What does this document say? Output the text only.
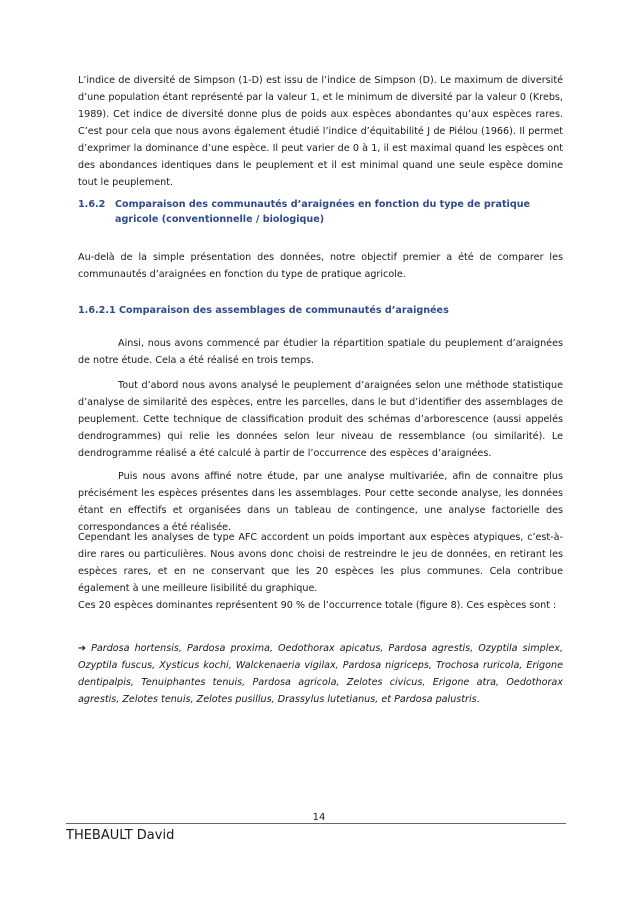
L’indice de diversité de Simpson (1-D) est issu de l’indice de Simpson (D). Le maximum de diversité d’une population étant représenté par la valeur 1, et le minimum de diversité par la valeur 0 (Krebs, 1989). Cet indice de diversité donne plus de poids aux espèces abondantes qu’aux espèces rares. C’est pour cela que nous avons également étudié l’indice d’équitabilité J de Piélou (1966). Il permet d’exprimer la dominance d’une espèce. Il peut varier de 0 à 1, il est maximal quand les espèces ont des abondances identiques dans le peuplement et il est minimal quand une seule espèce domine tout le peuplement.

1.6.2 Comparaison des communautés d’araignées en fonction du type de pratique agricole (conventionnelle / biologique)

Au-delà de la simple présentation des données, notre objectif premier a été de comparer les communautés d’araignées en fonction du type de pratique agricole.

1.6.2.1 Comparaison des assemblages de communautés d’araignées

Ainsi, nous avons commencé par étudier la répartition spatiale du peuplement d’araignées de notre étude. Cela a été réalisé en trois temps.

Tout d’abord nous avons analysé le peuplement d’araignées selon une méthode statistique d’analyse de similarité des espèces, entre les parcelles, dans le but d’identifier des assemblages de peuplement. Cette technique de classification produit des schémas d’arborescence (aussi appelés dendrogrammes) qui relie les données selon leur niveau de ressemblance (ou similarité). Le dendrogramme réalisé a été calculé à partir de l’occurrence des espèces d’araignées.

Puis nous avons affiné notre étude, par une analyse multivariée, afin de connaitre plus précisément les espèces présentes dans les assemblages. Pour cette seconde analyse, les données étant en effectifs et organisées dans un tableau de contingence, une analyse factorielle des correspondances a été réalisée.

Cependant les analyses de type AFC accordent un poids important aux espèces atypiques, c’est-à-dire rares ou particulières. Nous avons donc choisi de restreindre le jeu de données, en retirant les espèces rares, et en ne conservant que les 20 espèces les plus communes. Cela contribue également à une meilleure lisibilité du graphique.

Ces 20 espèces dominantes représentent 90 % de l’occurrence totale (figure 8). Ces espèces sont :

➔ Pardosa hortensis, Pardosa proxima, Oedothorax apicatus, Pardosa agrestis, Ozyptila simplex, Ozyptila fuscus, Xysticus kochi, Walckenaeria vigilax, Pardosa nigriceps, Trochosa ruricola, Erigone dentipalpis, Tenuiphantes tenuis, Pardosa agricola, Zelotes civicus, Erigone atra, Oedothorax agrestis, Zelotes tenuis, Zelotes pusillus, Drassylus lutetianus, et Pardosa palustris.

14
THEBAULT David
